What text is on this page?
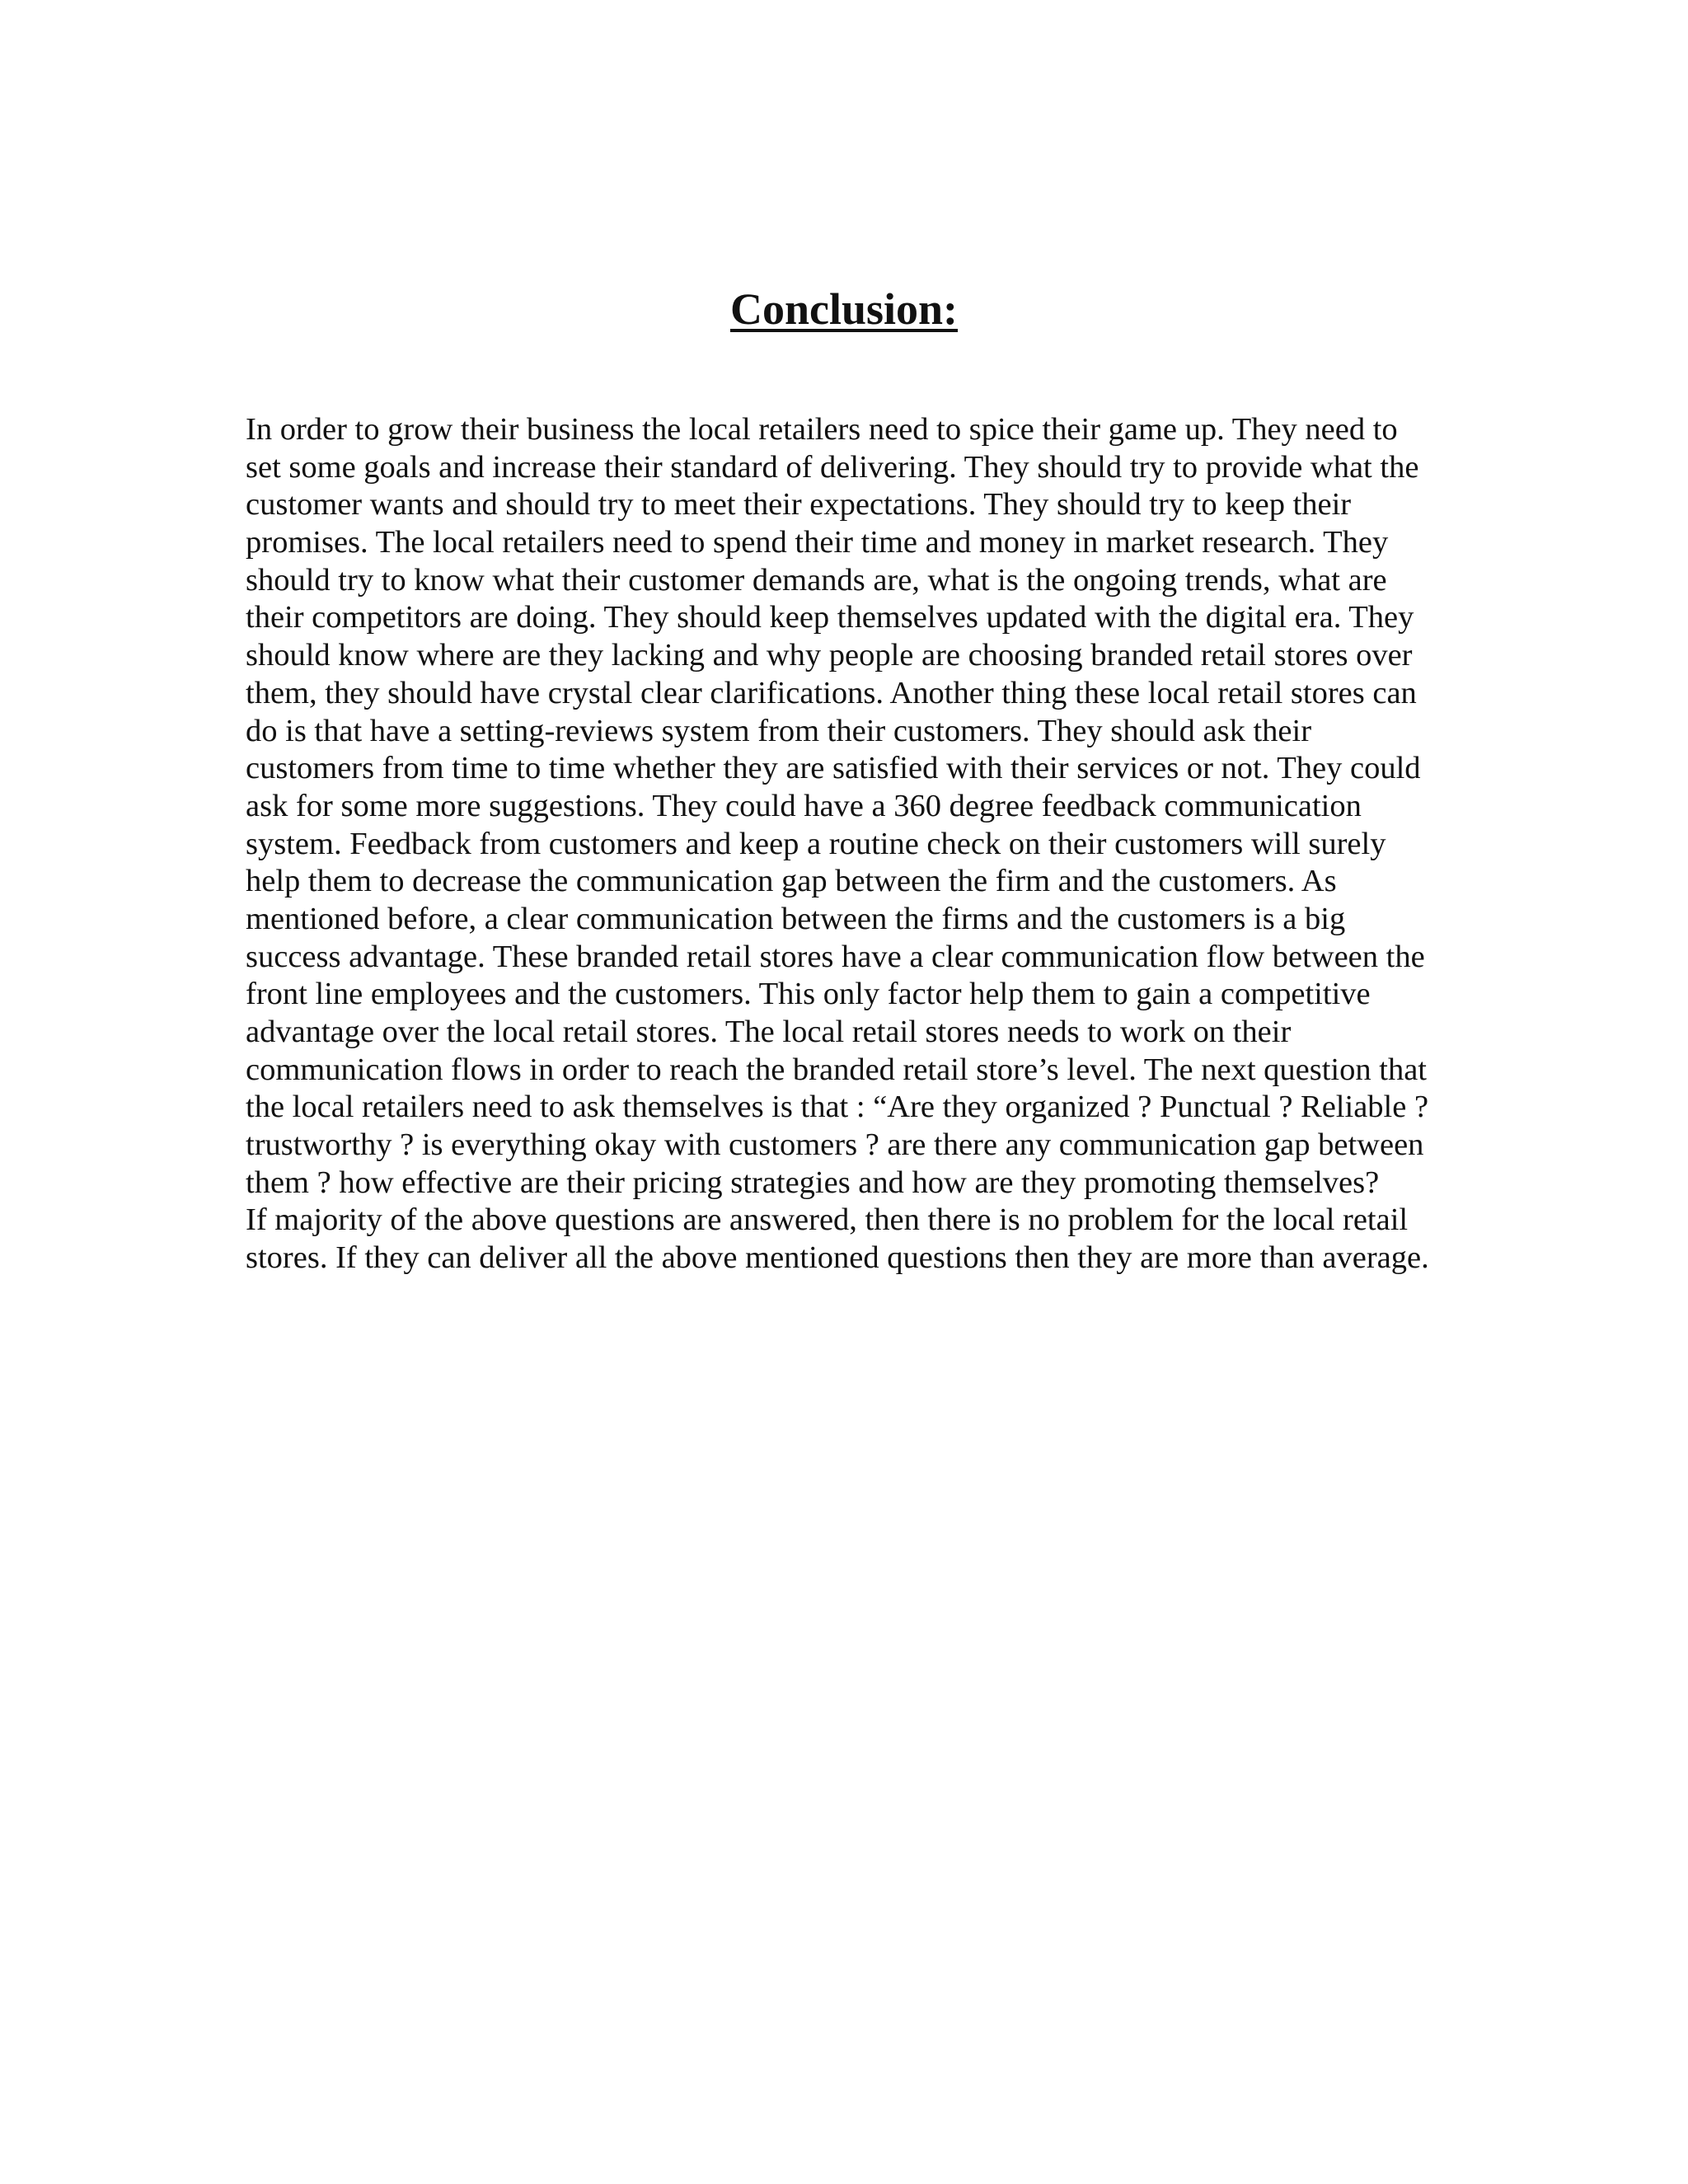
Conclusion:
In order to grow their business the local retailers need to spice their game up. They need to
set some goals and increase their standard of delivering. They should try to provide what the
customer wants and should try to meet their expectations. They should try to keep their
promises. The local retailers need to spend their time and money in market research. They
should try to know what their customer demands are, what is the ongoing trends, what are
their competitors are doing. They should keep themselves updated with the digital era. They
should know where are they lacking and why people are choosing branded retail stores over
them, they should have crystal clear clarifications. Another thing these local retail stores can
do is that have a setting-reviews system from their customers. They should ask their
customers from time to time whether they are satisfied with their services or not. They could
ask for some more suggestions. They could have a 360 degree feedback communication
system. Feedback from customers and keep a routine check on their customers will surely
help them to decrease the communication gap between the firm and the customers. As
mentioned before, a clear communication between the firms and the customers is a big
success advantage. These branded retail stores have a clear communication flow between the
front line employees and the customers. This only factor help them to gain a competitive
advantage over the local retail stores. The local retail stores needs to work on their
communication flows in order to reach the branded retail store’s level. The next question that
the local retailers need to ask themselves is that : “Are they organized ? Punctual ? Reliable ?
trustworthy ? is everything okay with customers ? are there any communication gap between
them ? how effective are their pricing strategies and how are they promoting themselves?
If majority of the above questions are answered, then there is no problem for the local retail
stores. If they can deliver all the above mentioned questions then they are more than average.
